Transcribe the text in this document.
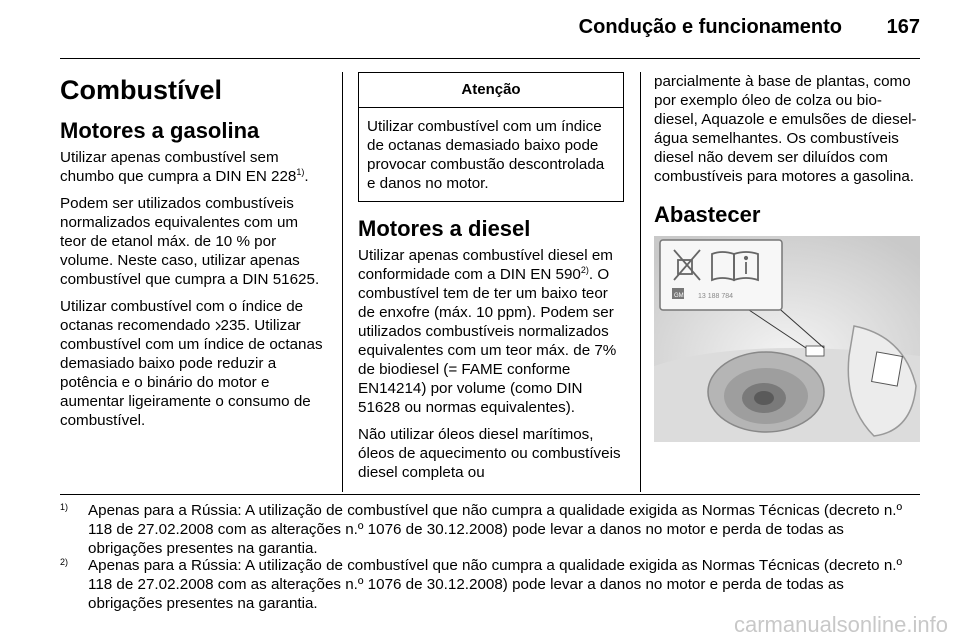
Condução e funcionamento 167
Combustível
Motores a gasolina

Utilizar apenas combustível sem chumbo que cumpra a DIN EN 228$^{1)}$.

Podem ser utilizados combustíveis normalizados equivalentes com um teor de etanol máx. de 10 % por volume. Neste caso, utilizar apenas combustível que cumpra a DIN 51625.

Utilizar combustível com o índice de octanas recomendado 235. Utilizar combustível com um índice de octanas demasiado baixo pode reduzir a potência e o binário do motor e aumentar ligeiramente o consumo de combustível.

Atenção
Utilizar combustível com um índice de octanas demasiado baixo pode provocar combustão descontrolada e danos no motor.
Motores a diesel

Utilizar apenas combustível diesel em conformidade com a DIN EN 590$^{2)}$. O combustível tem de ter um baixo teor de enxofre (máx. 10 ppm). Podem ser utilizados combustíveis normalizados equivalentes com um teor máx. de 7% de biodiesel (= FAME conforme EN14214) por volume (como DIN 51628 ou normas equivalentes).

Não utilizar óleos diesel marítimos, óleos de aquecimento ou combustíveis diesel completa ou

parcialmente à base de plantas, como por exemplo óleo de colza ou bio-diesel, Aquazole e emulsões de diesel-água semelhantes. Os combustíveis diesel não devem ser diluídos com combustíveis para motores a gasolina.

Abastecer
GM 13 188 784
1) Apenas para a Rússia: A utilização de combustível que não cumpra a qualidade exigida as Normas Técnicas (decreto n.º 118 de 27.02.2008 com as alterações n.º 1076 de 30.12.2008) pode levar a danos no motor e perda de todas as obrigações presentes na garantia.
2) Apenas para a Rússia: A utilização de combustível que não cumpra a qualidade exigida as Normas Técnicas (decreto n.º 118 de 27.02.2008 com as alterações n.º 1076 de 30.12.2008) pode levar a danos no motor e perda de todas as obrigações presentes na garantia.
carmanualsonline.info
